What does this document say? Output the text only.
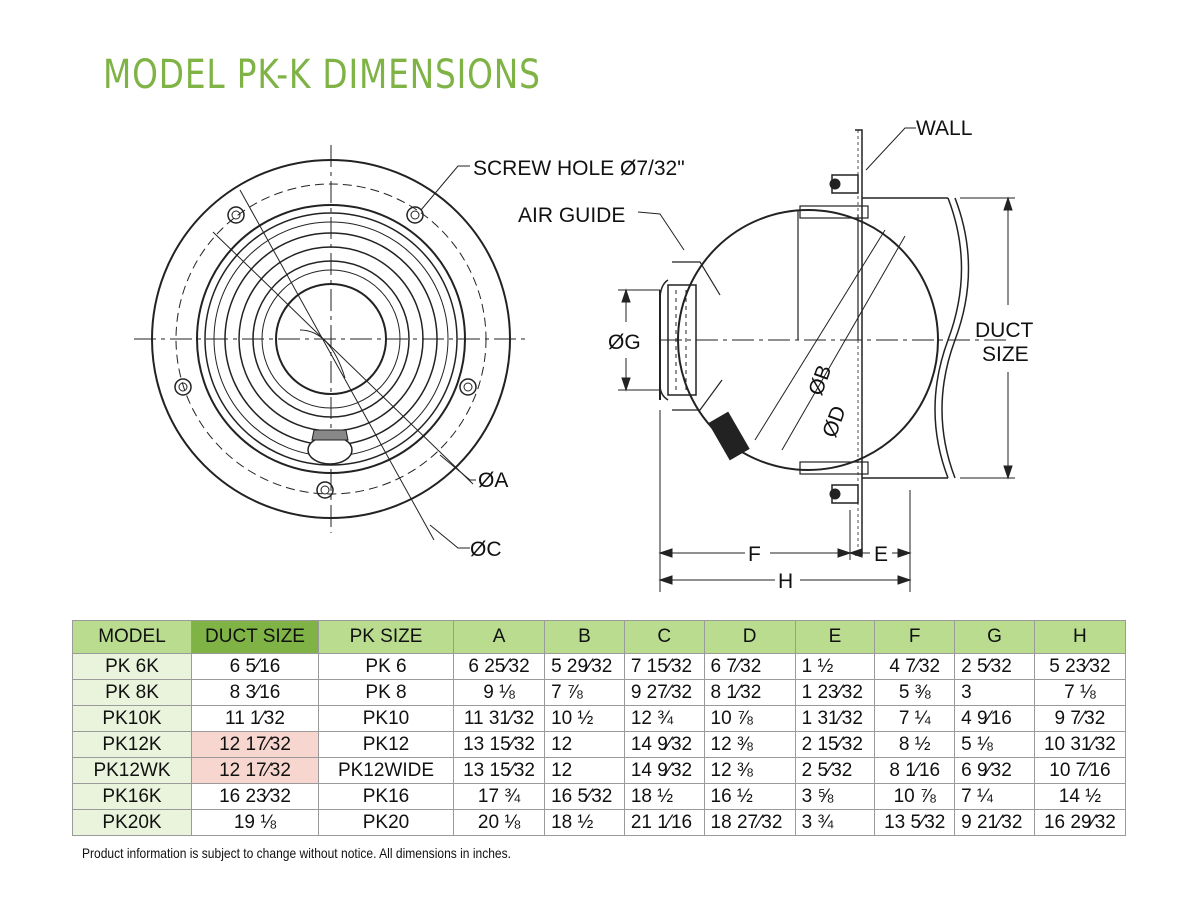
MODEL PK-K DIMENSIONS
SCREW HOLE Ø7/32"
AIR GUIDE
WALL
DUCT
SIZE
ØA
ØC
ØG
ØB
ØD
F	E
H
MODEL	DUCT SIZE	PK SIZE	A	B	C	D	E	F	G	H
PK 6K	6 5⁄16	PK 6	6 25⁄32	5 29⁄32	7 15⁄32	6 7⁄32	1 ½	4 7⁄32	2 5⁄32	5 23⁄32
PK 8K	8 3⁄16	PK 8	9 ⅛	7 ⅞	9 27⁄32	8 1⁄32	1 23⁄32	5 ⅜	3	7 ⅛
PK10K	11 1⁄32	PK10	11 31⁄32	10 ½	12 ¾	10 ⅞	1 31⁄32	7 ¼	4 9⁄16	9 7⁄32
PK12K	12 17⁄32	PK12	13 15⁄32	12	14 9⁄32	12 ⅜	2 15⁄32	8 ½	5 ⅛	10 31⁄32
PK12WK	12 17⁄32	PK12WIDE	13 15⁄32	12	14 9⁄32	12 ⅜	2 5⁄32	8 1⁄16	6 9⁄32	10 7⁄16
PK16K	16 23⁄32	PK16	17 ¾	16 5⁄32	18 ½	16 ½	3 ⅝	10 ⅞	7 ¼	14 ½
PK20K	19 ⅛	PK20	20 ⅛	18 ½	21 1⁄16	18 27⁄32	3 ¾	13 5⁄32	9 21⁄32	16 29⁄32
Product information is subject to change without notice. All dimensions in inches.
